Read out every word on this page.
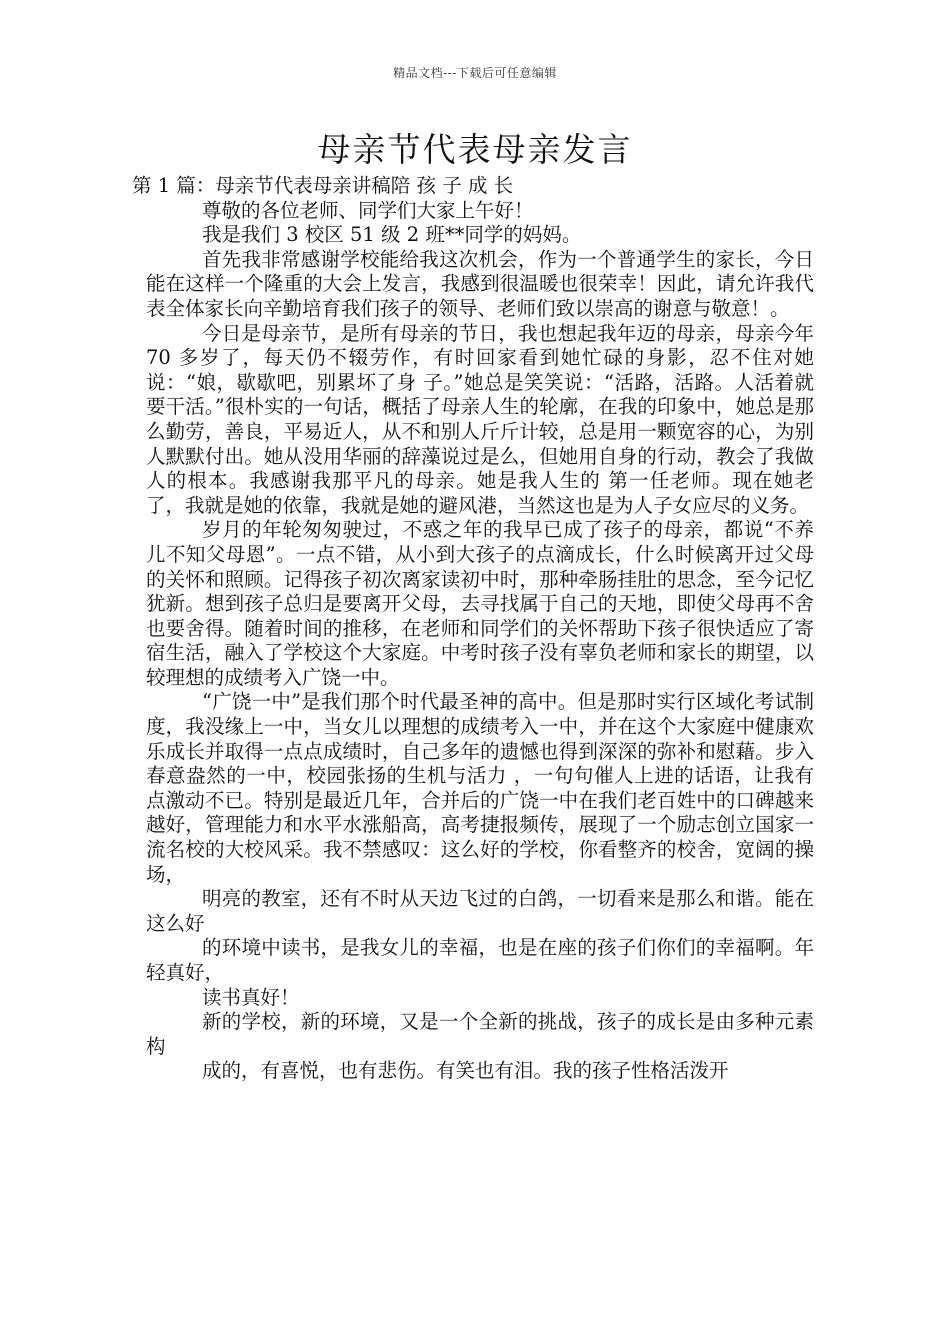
精品文档---下载后可任意编辑
母亲节代表母亲发言

第 1 篇：母亲节代表母亲讲稿陪 孩 子 成 长

尊敬的各位老师、同学们大家上午好！

我是我们 3 校区 51 级 2 班**同学的妈妈。

首先我非常感谢学校能给我这次机会，作为一个普通学生的家长，今日能在这样一个隆重的大会上发言，我感到很温暖也很荣幸！因此，请允许我代表全体家长向辛勤培育我们孩子的领导、老师们致以崇高的谢意与敬意！。

今日是母亲节，是所有母亲的节日，我也想起我年迈的母亲，母亲今年 70 多岁了，每天仍不辍劳作，有时回家看到她忙碌的身影，忍不住对她说：“娘，歇歇吧，别累坏了身 子。”她总是笑笑说：“活路，活路。人活着就要干活。”很朴实的一句话，概括了母亲人生的轮廓，在我的印象中，她总是那么勤劳，善良，平易近人，从不和别人斤斤计较，总是用一颗宽容的心，为别人默默付出。她从没用华丽的辞藻说过是么，但她用自身的行动，教会了我做人的根本。我感谢我那平凡的母亲。她是我人生的 第一任老师。现在她老了，我就是她的依靠，我就是她的避风港，当然这也是为人子女应尽的义务。

岁月的年轮匆匆驶过，不惑之年的我早已成了孩子的母亲，都说“不养儿不知父母恩”。一点不错，从小到大孩子的点滴成长，什么时候离开过父母的关怀和照顾。记得孩子初次离家读初中时，那种牵肠挂肚的思念，至今记忆犹新。想到孩子总归是要离开父母，去寻找属于自己的天地，即使父母再不舍也要舍得。随着时间的推移，在老师和同学们的关怀帮助下孩子很快适应了寄宿生活，融入了学校这个大家庭。中考时孩子没有辜负老师和家长的期望，以较理想的成绩考入广饶一中。

“广饶一中”是我们那个时代最圣神的高中。但是那时实行区域化考试制度，我没缘上一中，当女儿以理想的成绩考入一中，并在这个大家庭中健康欢乐成长并取得一点点成绩时，自己多年的遗憾也得到深深的弥补和慰藉。步入春意盎然的一中，校园张扬的生机与活力 ，一句句催人上进的话语，让我有点激动不已。特别是最近几年，合并后的广饶一中在我们老百姓中的口碑越来越好，管理能力和水平水涨船高，高考捷报频传，展现了一个励志创立国家一流名校的大校风采。我不禁感叹：这么好的学校，你看整齐的校舍，宽阔的操场，

明亮的教室，还有不时从天边飞过的白鸽，一切看来是那么和谐。能在这么好

的环境中读书，是我女儿的幸福，也是在座的孩子们你们的幸福啊。年轻真好，

读书真好！

新的学校，新的环境，又是一个全新的挑战，孩子的成长是由多种元素构

成的，有喜悦，也有悲伤。有笑也有泪。我的孩子性格活泼开
